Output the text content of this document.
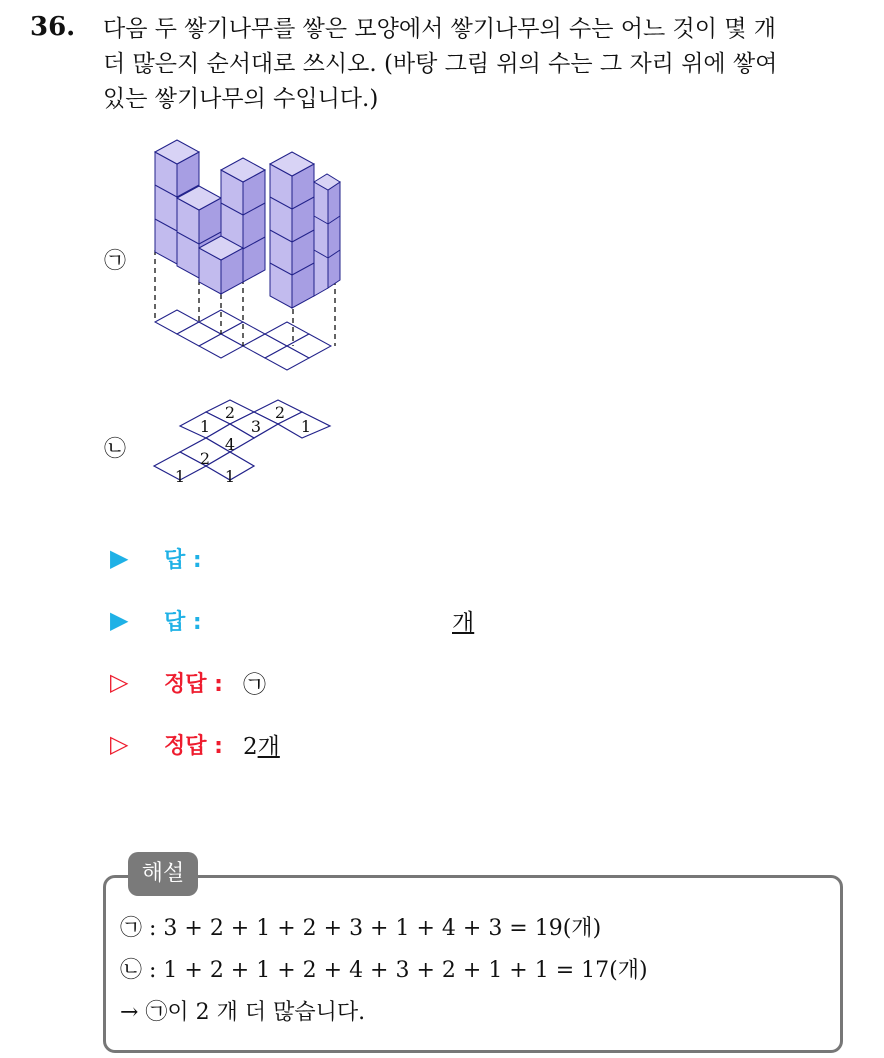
36. 다음 두 쌓기나무를 쌓은 모양에서 쌓기나무의 수는 어느 것이 몇 개
더 많은지 순서대로 쓰시오. (바탕 그림 위의 수는 그 자리 위에 쌓여
있는 쌓기나무의 수입니다.)
㉠
㉡
2 2
1	3 1
4
2
1 1
▶	답 :
▶	답 :	개
▷	정답 : ㉠
▷	정답 : 2개
해설
㉠ : 3 + 2 + 1 + 2 + 3 + 1 + 4 + 3 = 19(개)
㉡ : 1 + 2 + 1 + 2 + 4 + 3 + 2 + 1 + 1 = 17(개)
→ ㉠이 2 개 더 많습니다.
